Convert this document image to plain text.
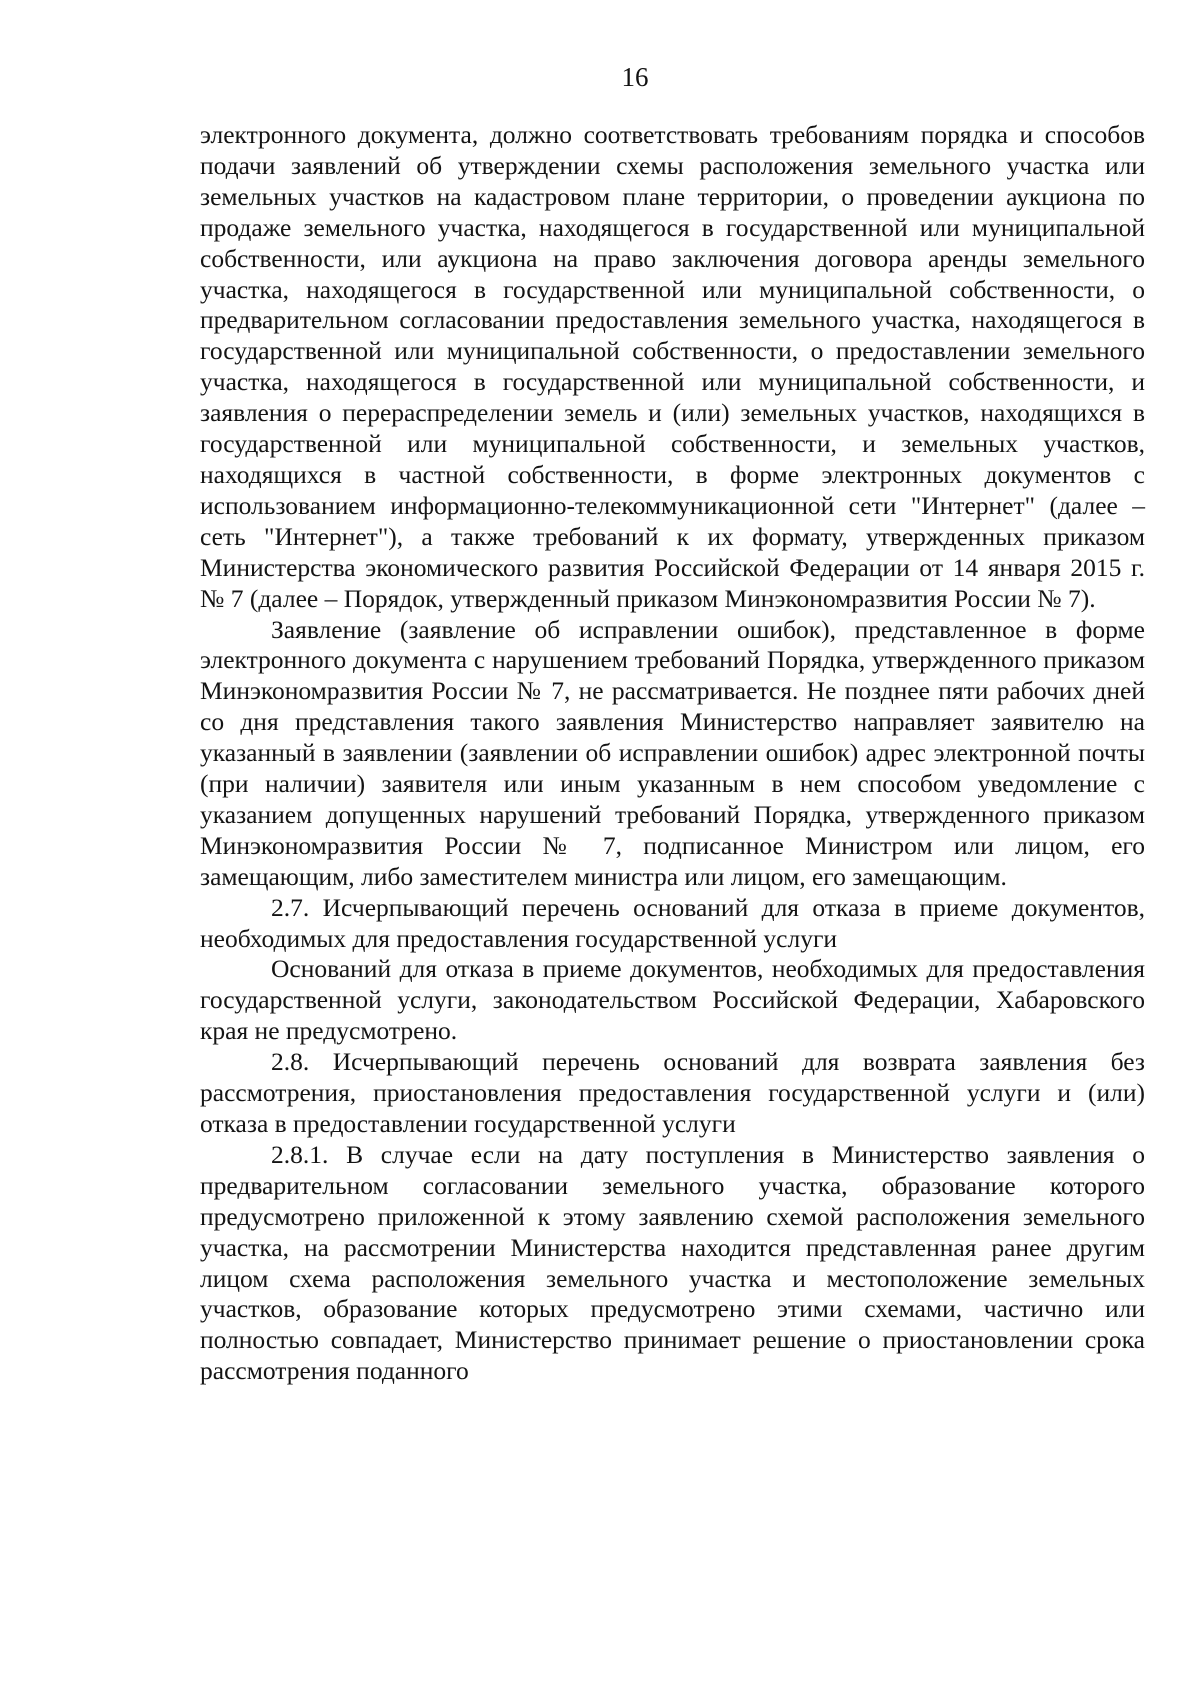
16

электронного документа, должно соответствовать требованиям порядка и способов подачи заявлений об утверждении схемы расположения земельного участка или земельных участков на кадастровом плане территории, о проведении аукциона по продаже земельного участка, находящегося в государственной или муниципальной собственности, или аукциона на право заключения договора аренды земельного участка, находящегося в государственной или муниципальной собственности, о предварительном согласовании предоставления земельного участка, находящегося в государственной или муниципальной собственности, о предоставлении земельного участка, находящегося в государственной или муниципальной собственности, и заявления о перераспределении земель и (или) земельных участков, находящихся в государственной или муниципальной собственности, и земельных участков, находящихся в частной собственности, в форме электронных документов с использованием информационно-телекоммуникационной сети "Интернет" (далее – сеть "Интернет"), а также требований к их формату, утвержденных приказом Министерства экономического развития Российской Федерации от 14 января 2015 г. № 7 (далее – Порядок, утвержденный приказом Минэкономразвития России № 7).

Заявление (заявление об исправлении ошибок), представленное в форме электронного документа с нарушением требований Порядка, утвержденного приказом Минэкономразвития России № 7, не рассматривается. Не позднее пяти рабочих дней со дня представления такого заявления Министерство направляет заявителю на указанный в заявлении (заявлении об исправлении ошибок) адрес электронной почты (при наличии) заявителя или иным указанным в нем способом уведомление с указанием допущенных нарушений требований Порядка, утвержденного приказом Минэкономразвития России № 7, подписанное Министром или лицом, его замещающим, либо заместителем министра или лицом, его замещающим.

2.7. Исчерпывающий перечень оснований для отказа в приеме документов, необходимых для предоставления государственной услуги

Оснований для отказа в приеме документов, необходимых для предоставления государственной услуги, законодательством Российской Федерации, Хабаровского края не предусмотрено.

2.8. Исчерпывающий перечень оснований для возврата заявления без рассмотрения, приостановления предоставления государственной услуги и (или) отказа в предоставлении государственной услуги

2.8.1. В случае если на дату поступления в Министерство заявления о предварительном согласовании земельного участка, образование которого предусмотрено приложенной к этому заявлению схемой расположения земельного участка, на рассмотрении Министерства находится представленная ранее другим лицом схема расположения земельного участка и местоположение земельных участков, образование которых предусмотрено этими схемами, частично или полностью совпадает, Министерство принимает решение о приостановлении срока рассмотрения поданного
